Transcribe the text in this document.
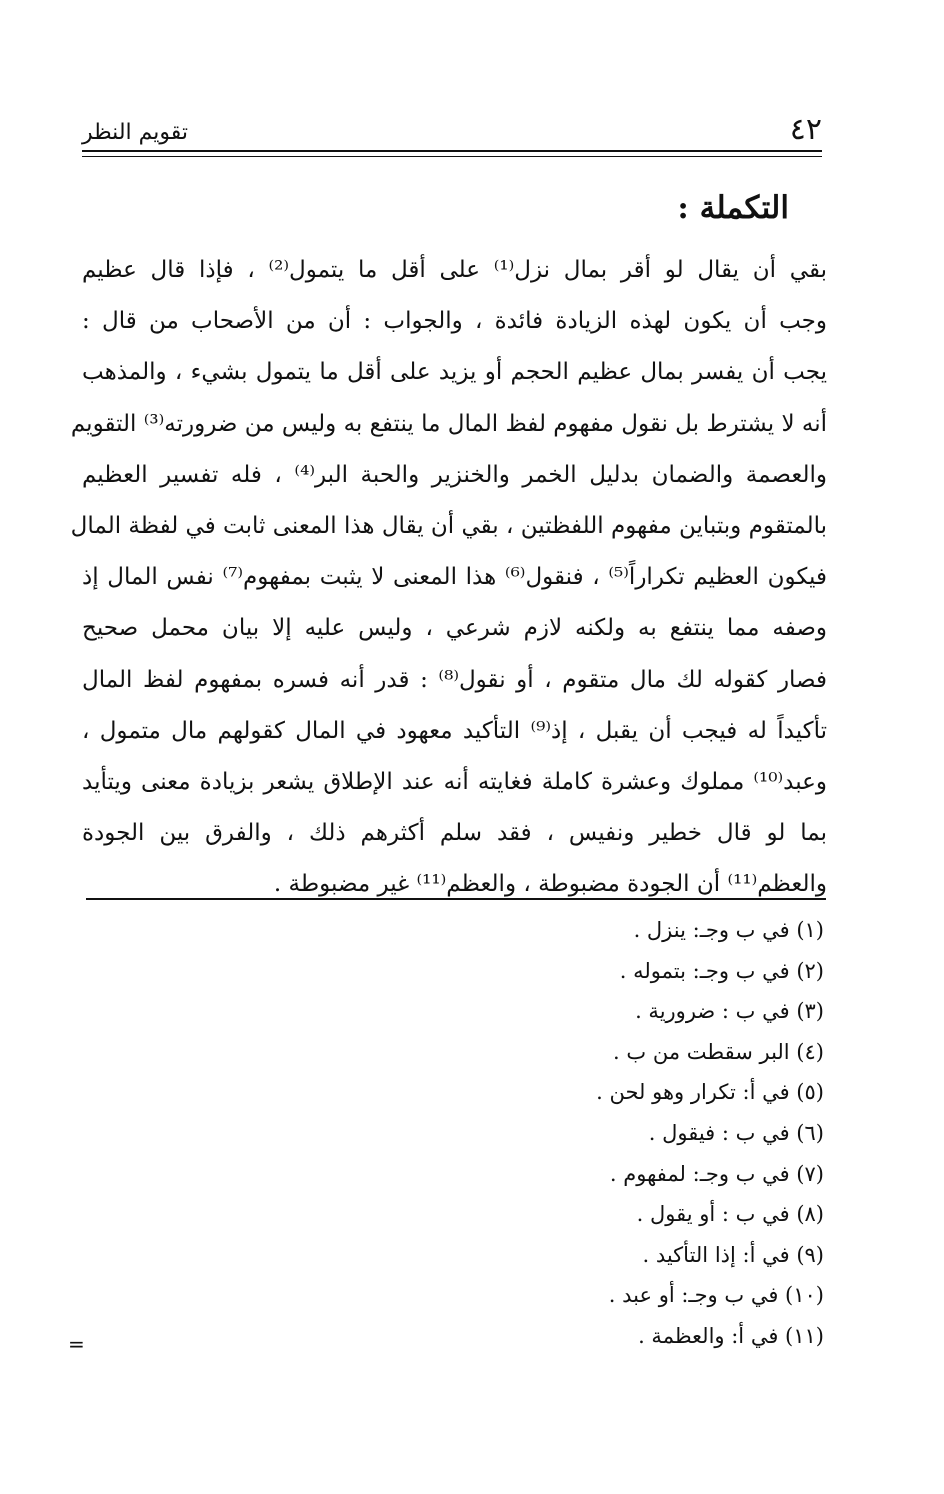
٤٢
تقويم النظر
التكملة :
بقي أن يقال لو أقر بمال نزل⁽¹⁾ على أقل ما يتمول⁽²⁾ ، فإذا قال عظيم
وجب أن يكون لهذه الزيادة فائدة ، والجواب : أن من الأصحاب من قال :
يجب أن يفسر بمال عظيم الحجم أو يزيد على أقل ما يتمول بشيء ، والمذهب
أنه لا يشترط بل نقول مفهوم لفظ المال ما ينتفع به وليس من ضرورته⁽³⁾ التقويم
والعصمة والضمان بدليل الخمر والخنزير والحبة البر⁽⁴⁾ ، فله تفسير العظيم
بالمتقوم وبتباين مفهوم اللفظتين ، بقي أن يقال هذا المعنى ثابت في لفظة المال
فيكون العظيم تكراراً⁽⁵⁾ ، فنقول⁽⁶⁾ هذا المعنى لا يثبت بمفهوم⁽⁷⁾ نفس المال إذ
وصفه مما ينتفع به ولكنه لازم شرعي ، وليس عليه إلا بيان محمل صحيح
فصار كقوله لك مال متقوم ، أو نقول⁽⁸⁾ : قدر أنه فسره بمفهوم لفظ المال
تأكيداً له فيجب أن يقبل ، إذ⁽⁹⁾ التأكيد معهود في المال كقولهم مال متمول ،
وعبد⁽¹⁰⁾ مملوك وعشرة كاملة فغايته أنه عند الإطلاق يشعر بزيادة معنى ويتأيد
بما لو قال خطير ونفيس ، فقد سلم أكثرهم ذلك ، والفرق بين الجودة
والعظم⁽¹¹⁾ أن الجودة مضبوطة ، والعظم⁽¹¹⁾ غير مضبوطة .
(١) في ب وجـ: ينزل .
(٢) في ب وجـ: بتموله .
(٣) في ب : ضرورية .
(٤) البر سقطت من ب .
(٥) في أ: تكرار وهو لحن .
(٦) في ب : فيقول .
(٧) في ب وجـ: لمفهوم .
(٨) في ب : أو يقول .
(٩) في أ: إذا التأكيد .
(١٠) في ب وجـ: أو عبد .
(١١) في أ: والعظمة .
=
